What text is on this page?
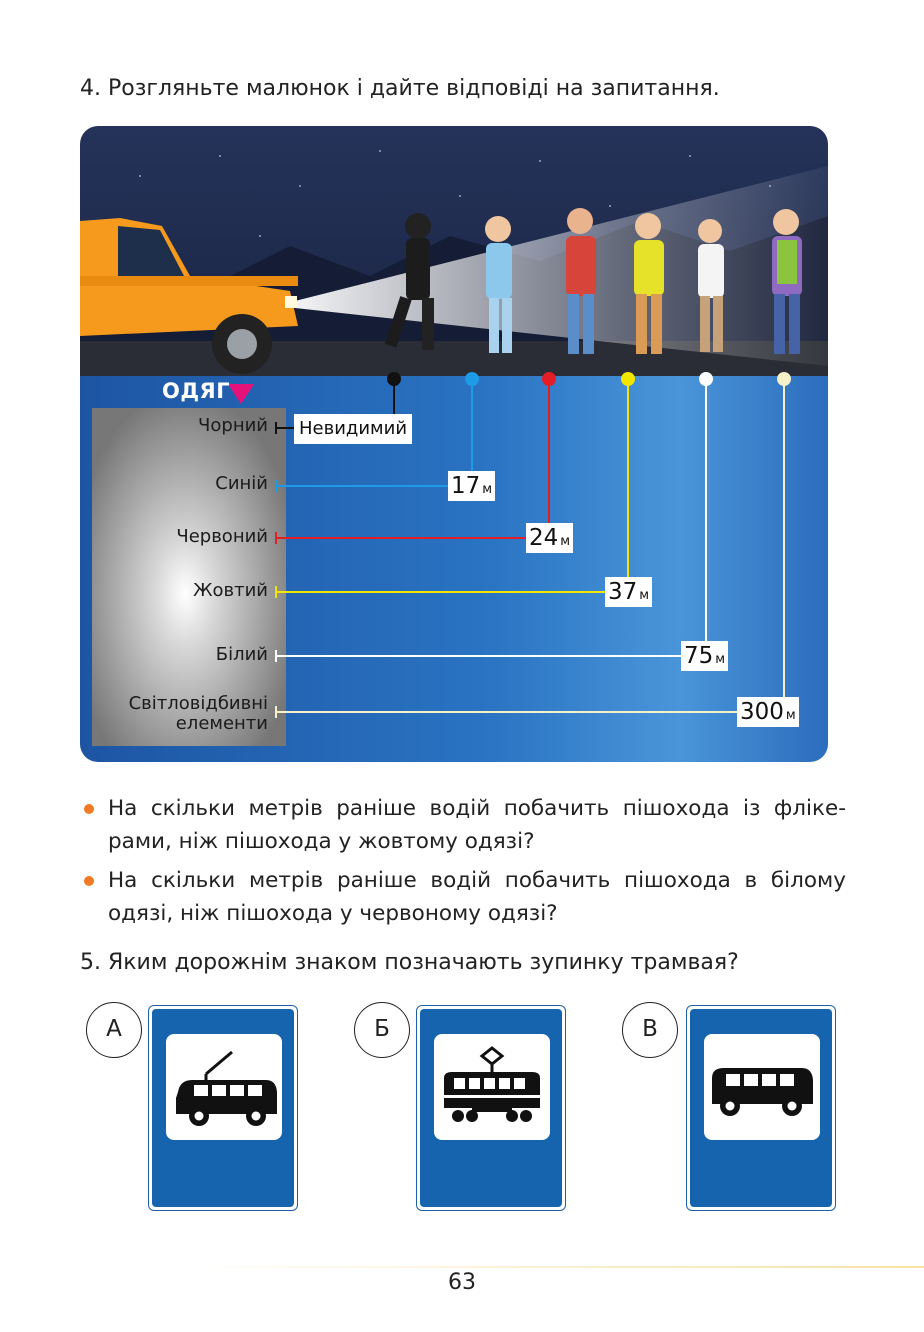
4. Розгляньте малюнок і дайте відповіді на запитання.
ОДЯГ
Чорний
Синій
Червоний
Жовтий
Білий
Світловідбивні
елементи
Невидимий
17 м
24 м
37 м
75 м
300 м
На скільки метрів раніше водій побачить пішохода із флікерами, ніж пішохода у жовтому одязі?
На скільки метрів раніше водій побачить пішохода в білому одязі, ніж пішохода у червоному одязі?
5. Яким дорожнім знаком позначають зупинку трамвая?
А	Б	В
63
